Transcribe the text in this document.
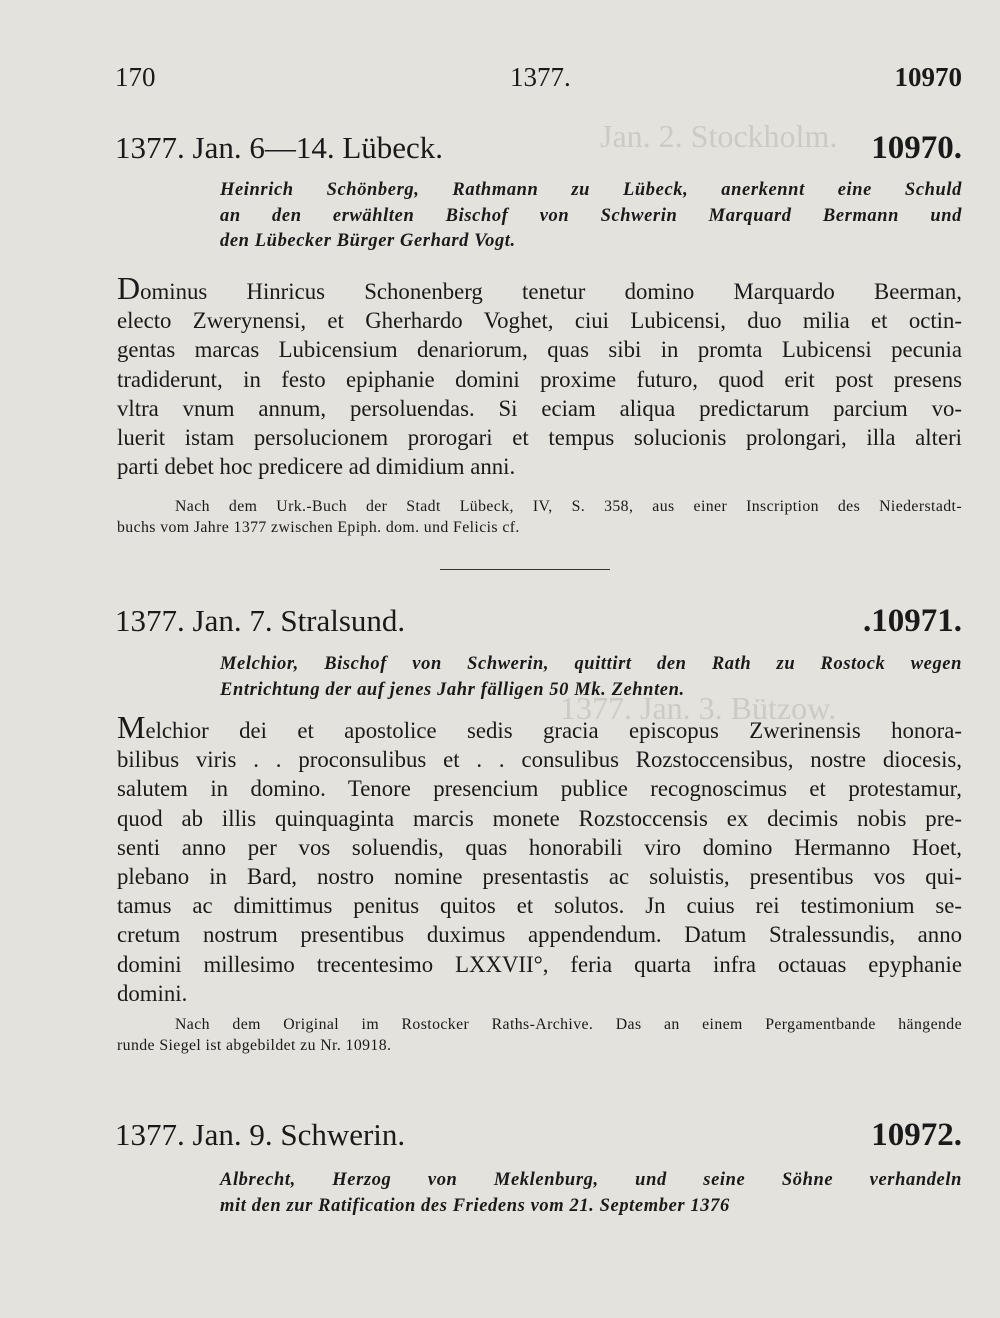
Jan. 2. Stockholm.
1377. Jan. 3. Bützow.
170	1377.	10970
1377. Jan. 6—14. Lübeck.	10970.
Heinrich Schönberg, Rathmann zu Lübeck, anerkennt eine Schuld
an den erwählten Bischof von Schwerin Marquard Bermann und
den Lübecker Bürger Gerhard Vogt.
Dominus Hinricus Schonenberg tenetur domino Marquardo Beerman,
electo Zwerynensi, et Gherhardo Voghet, ciui Lubicensi, duo milia et octin-
gentas marcas Lubicensium denariorum, quas sibi in promta Lubicensi pecunia
tradiderunt, in festo epiphanie domini proxime futuro, quod erit post presens
vltra vnum annum, persoluendas. Si eciam aliqua predictarum parcium vo-
luerit istam persolucionem prorogari et tempus solucionis prolongari, illa alteri
parti debet hoc predicere ad dimidium anni.
Nach dem Urk.-Buch der Stadt Lübeck, IV, S. 358, aus einer Inscription des Niederstadt-
buchs vom Jahre 1377 zwischen Epiph. dom. und Felicis cf.
1377. Jan. 7. Stralsund.	.10971.
Melchior, Bischof von Schwerin, quittirt den Rath zu Rostock wegen
Entrichtung der auf jenes Jahr fälligen 50 Mk. Zehnten.
Melchior dei et apostolice sedis gracia episcopus Zwerinensis honora-
bilibus viris . . proconsulibus et . . consulibus Rozstoccensibus, nostre diocesis,
salutem in domino. Tenore presencium publice recognoscimus et protestamur,
quod ab illis quinquaginta marcis monete Rozstoccensis ex decimis nobis pre-
senti anno per vos soluendis, quas honorabili viro domino Hermanno Hoet,
plebano in Bard, nostro nomine presentastis ac soluistis, presentibus vos qui-
tamus ac dimittimus penitus quitos et solutos. Jn cuius rei testimonium se-
cretum nostrum presentibus duximus appendendum. Datum Stralessundis, anno
domini millesimo trecentesimo LXXVII°, feria quarta infra octauas epyphanie
domini.
Nach dem Original im Rostocker Raths-Archive. Das an einem Pergamentbande hängende
runde Siegel ist abgebildet zu Nr. 10918.
1377. Jan. 9. Schwerin.	10972.
Albrecht, Herzog von Meklenburg, und seine Söhne verhandeln
mit den zur Ratification des Friedens vom 21. September 1376
